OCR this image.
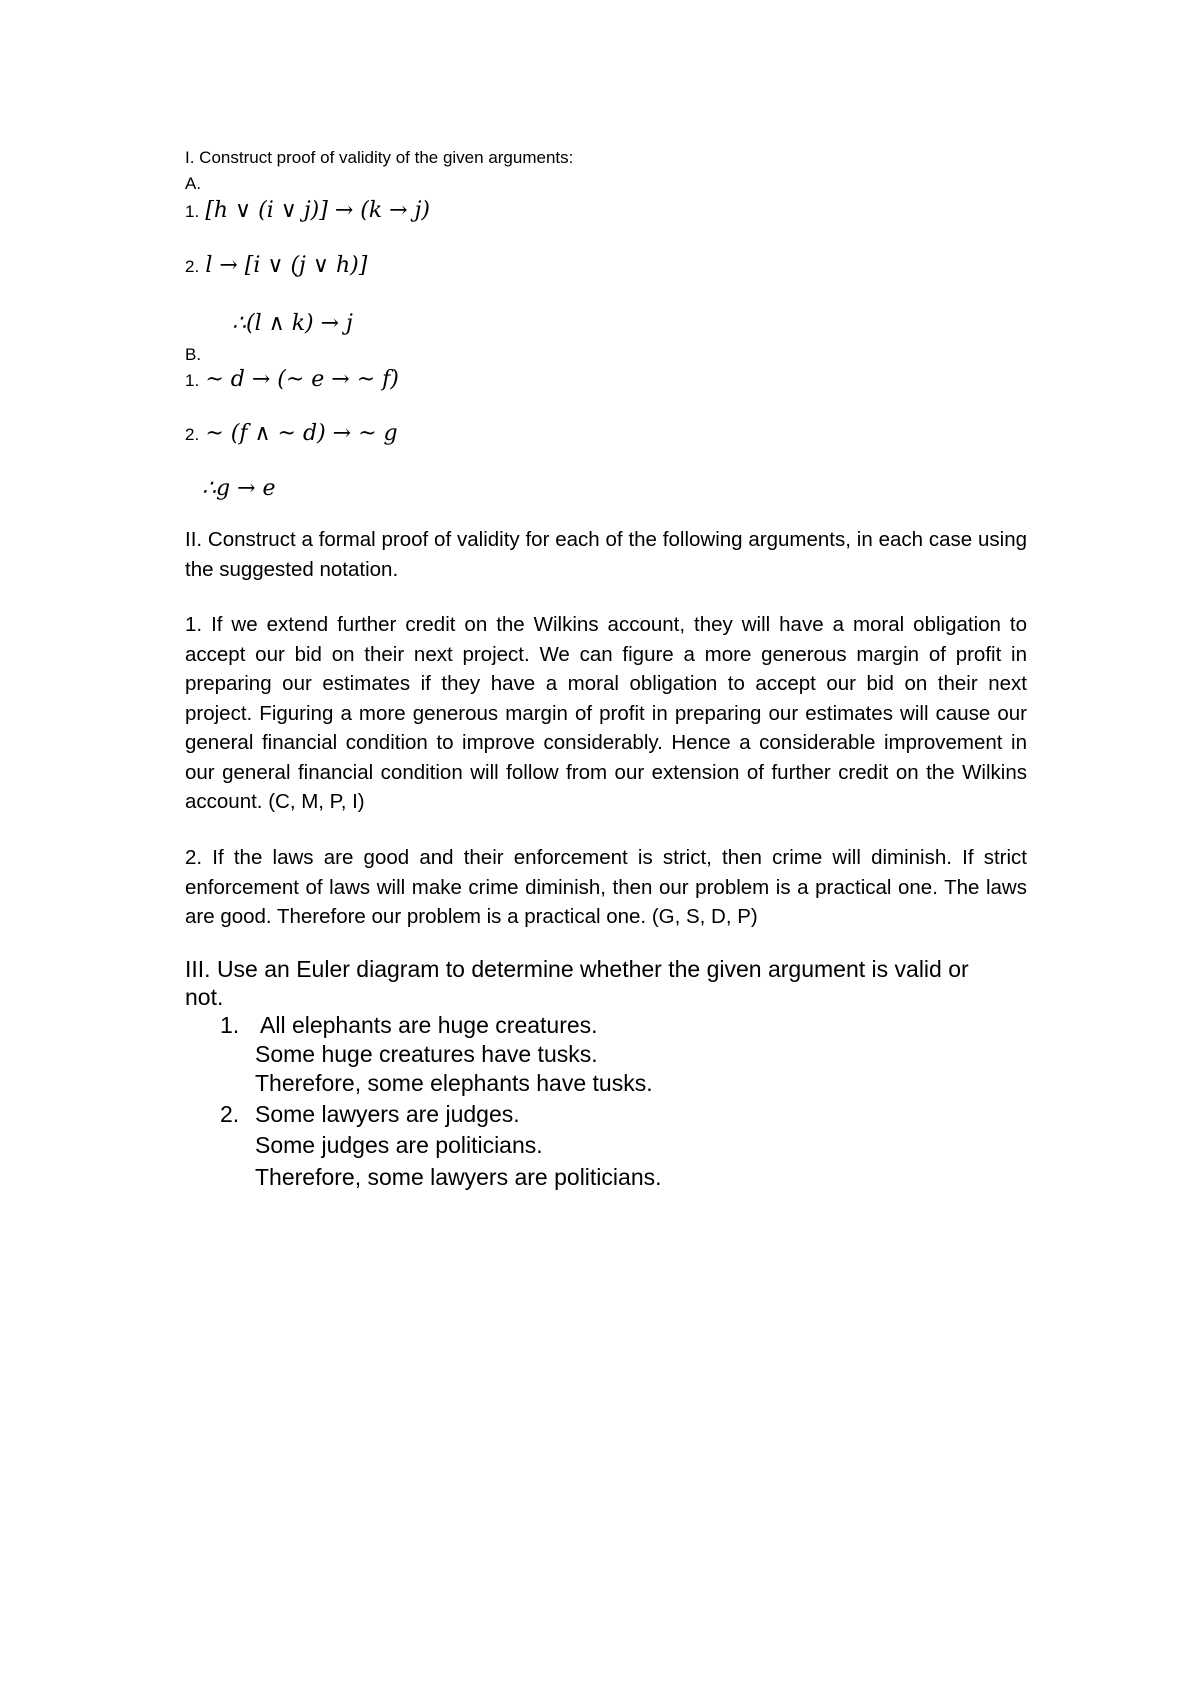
I. Construct proof of validity of the given arguments:
A.
1. [h ∨ (i ∨ j)] → (k → j)
2. l → [i ∨ (j ∨ h)]
∴(l ∧ k) → j
B.
1. ~ d → (~ e → ~ f)
2. ~ (f ∧ ~ d) → ~ g
∴g → e
II. Construct a formal proof of validity for each of the following arguments, in each case using the suggested notation.
1. If we extend further credit on the Wilkins account, they will have a moral obligation to accept our bid on their next project. We can figure a more generous margin of profit in preparing our estimates if they have a moral obligation to accept our bid on their next project. Figuring a more generous margin of profit in preparing our estimates will cause our general financial condition to improve considerably. Hence a considerable improvement in our general financial condition will follow from our extension of further credit on the Wilkins account. (C, M, P, I)
2. If the laws are good and their enforcement is strict, then crime will diminish. If strict enforcement of laws will make crime diminish, then our problem is a practical one. The laws are good. Therefore our problem is a practical one. (G, S, D, P)
III. Use an Euler diagram to determine whether the given argument is valid or
not.
1. All elephants are huge creatures.
Some huge creatures have tusks.
Therefore, some elephants have tusks.
2. Some lawyers are judges.
Some judges are politicians.
Therefore, some lawyers are politicians.
